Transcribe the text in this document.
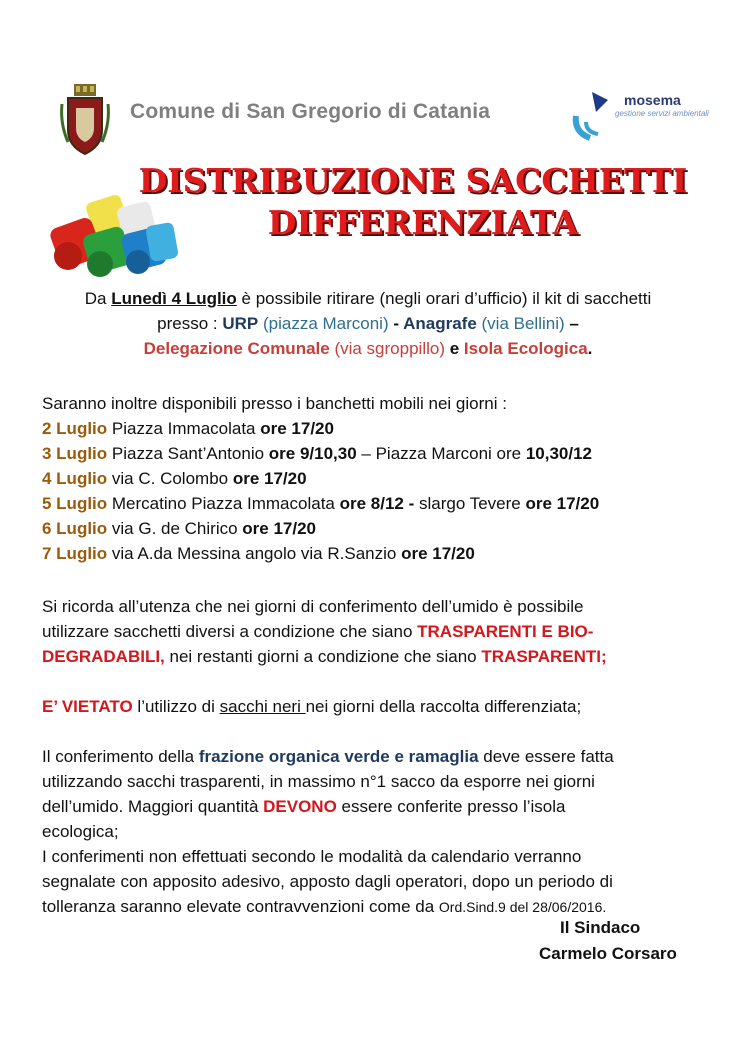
Comune di San Gregorio di Catania	mosema
gestione servizi ambientali
DISTRIBUZIONE SACCHETTI
DIFFERENZIATA
Da Lunedì 4 Luglio è possibile ritirare (negli orari d’ufficio) il kit di sacchetti
presso : URP (piazza Marconi) - Anagrafe (via Bellini) –
Delegazione Comunale (via sgroppillo) e Isola Ecologica.
Saranno inoltre disponibili presso i banchetti mobili nei giorni :
2 Luglio Piazza Immacolata ore 17/20
3 Luglio Piazza Sant’Antonio ore 9/10,30 – Piazza Marconi ore 10,30/12
4 Luglio via C. Colombo ore 17/20
5 Luglio Mercatino Piazza Immacolata ore 8/12 - slargo Tevere ore 17/20
6 Luglio via G. de Chirico ore 17/20
7 Luglio via A.da Messina angolo via R.Sanzio ore 17/20
Si ricorda all’utenza che nei giorni di conferimento dell’umido è possibile
utilizzare sacchetti diversi a condizione che siano TRASPARENTI E BIO-
DEGRADABILI, nei restanti giorni a condizione che siano TRASPARENTI;
E’ VIETATO l’utilizzo di sacchi neri nei giorni della raccolta differenziata;
Il conferimento della frazione organica verde e ramaglia deve essere fatta
utilizzando sacchi trasparenti, in massimo n°1 sacco da esporre nei giorni
dell’umido. Maggiori quantità DEVONO essere conferite presso l’isola
ecologica;
I conferimenti non effettuati secondo le modalità da calendario verranno
segnalate con apposito adesivo, apposto dagli operatori, dopo un periodo di
tolleranza saranno elevate contravvenzioni come da Ord.Sind.9 del 28/06/2016.
Il Sindaco
Carmelo Corsaro
